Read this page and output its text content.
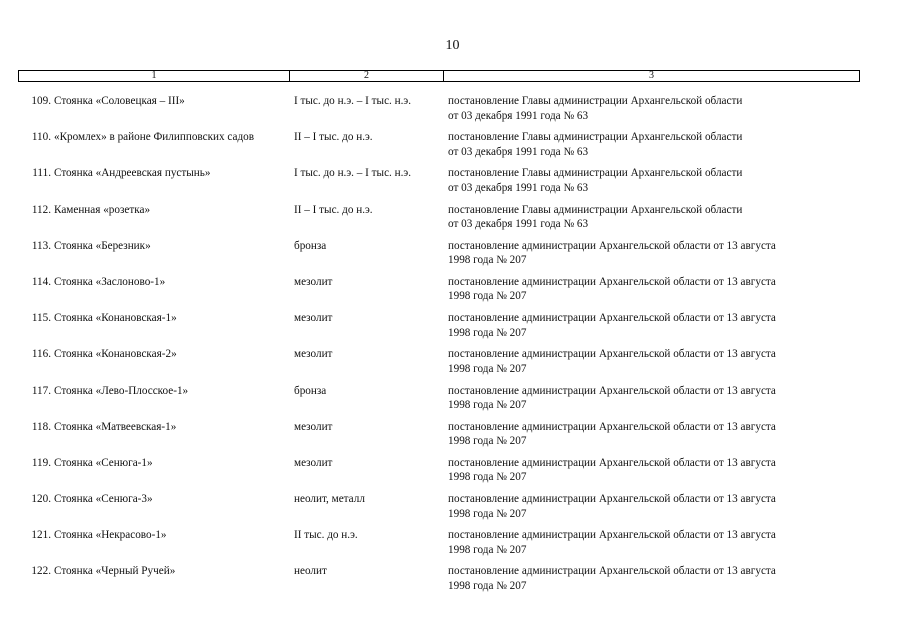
10
1	2	3
109. Стоянка «Соловецкая – III»	I тыс. до н.э. – I тыс. н.э.	постановление Главы администрации Архангельской области
от 03 декабря 1991 года № 63
110. «Кромлех» в районе Филипповских садов	II – I тыс. до н.э.	постановление Главы администрации Архангельской области
от 03 декабря 1991 года № 63
111. Стоянка «Андреевская пустынь»	I тыс. до н.э. – I тыс. н.э.	постановление Главы администрации Архангельской области
от 03 декабря 1991 года № 63
112. Каменная «розетка»	II – I тыс. до н.э.	постановление Главы администрации Архангельской области
от 03 декабря 1991 года № 63
113. Стоянка «Березник»	бронза	постановление администрации Архангельской области от 13 августа
1998 года № 207
114. Стоянка «Заслоново-1»	мезолит	постановление администрации Архангельской области от 13 августа
1998 года № 207
115. Стоянка «Конановская-1»	мезолит	постановление администрации Архангельской области от 13 августа
1998 года № 207
116. Стоянка «Конановская-2»	мезолит	постановление администрации Архангельской области от 13 августа
1998 года № 207
117. Стоянка «Лево-Плосское-1»	бронза	постановление администрации Архангельской области от 13 августа
1998 года № 207
118. Стоянка «Матвеевская-1»	мезолит	постановление администрации Архангельской области от 13 августа
1998 года № 207
119. Стоянка «Сенюга-1»	мезолит	постановление администрации Архангельской области от 13 августа
1998 года № 207
120. Стоянка «Сенюга-3»	неолит, металл	постановление администрации Архангельской области от 13 августа
1998 года № 207
121. Стоянка «Некрасово-1»	II тыс. до н.э.	постановление администрации Архангельской области от 13 августа
1998 года № 207
122. Стоянка «Черный Ручей»	неолит	постановление администрации Архангельской области от 13 августа
1998 года № 207
